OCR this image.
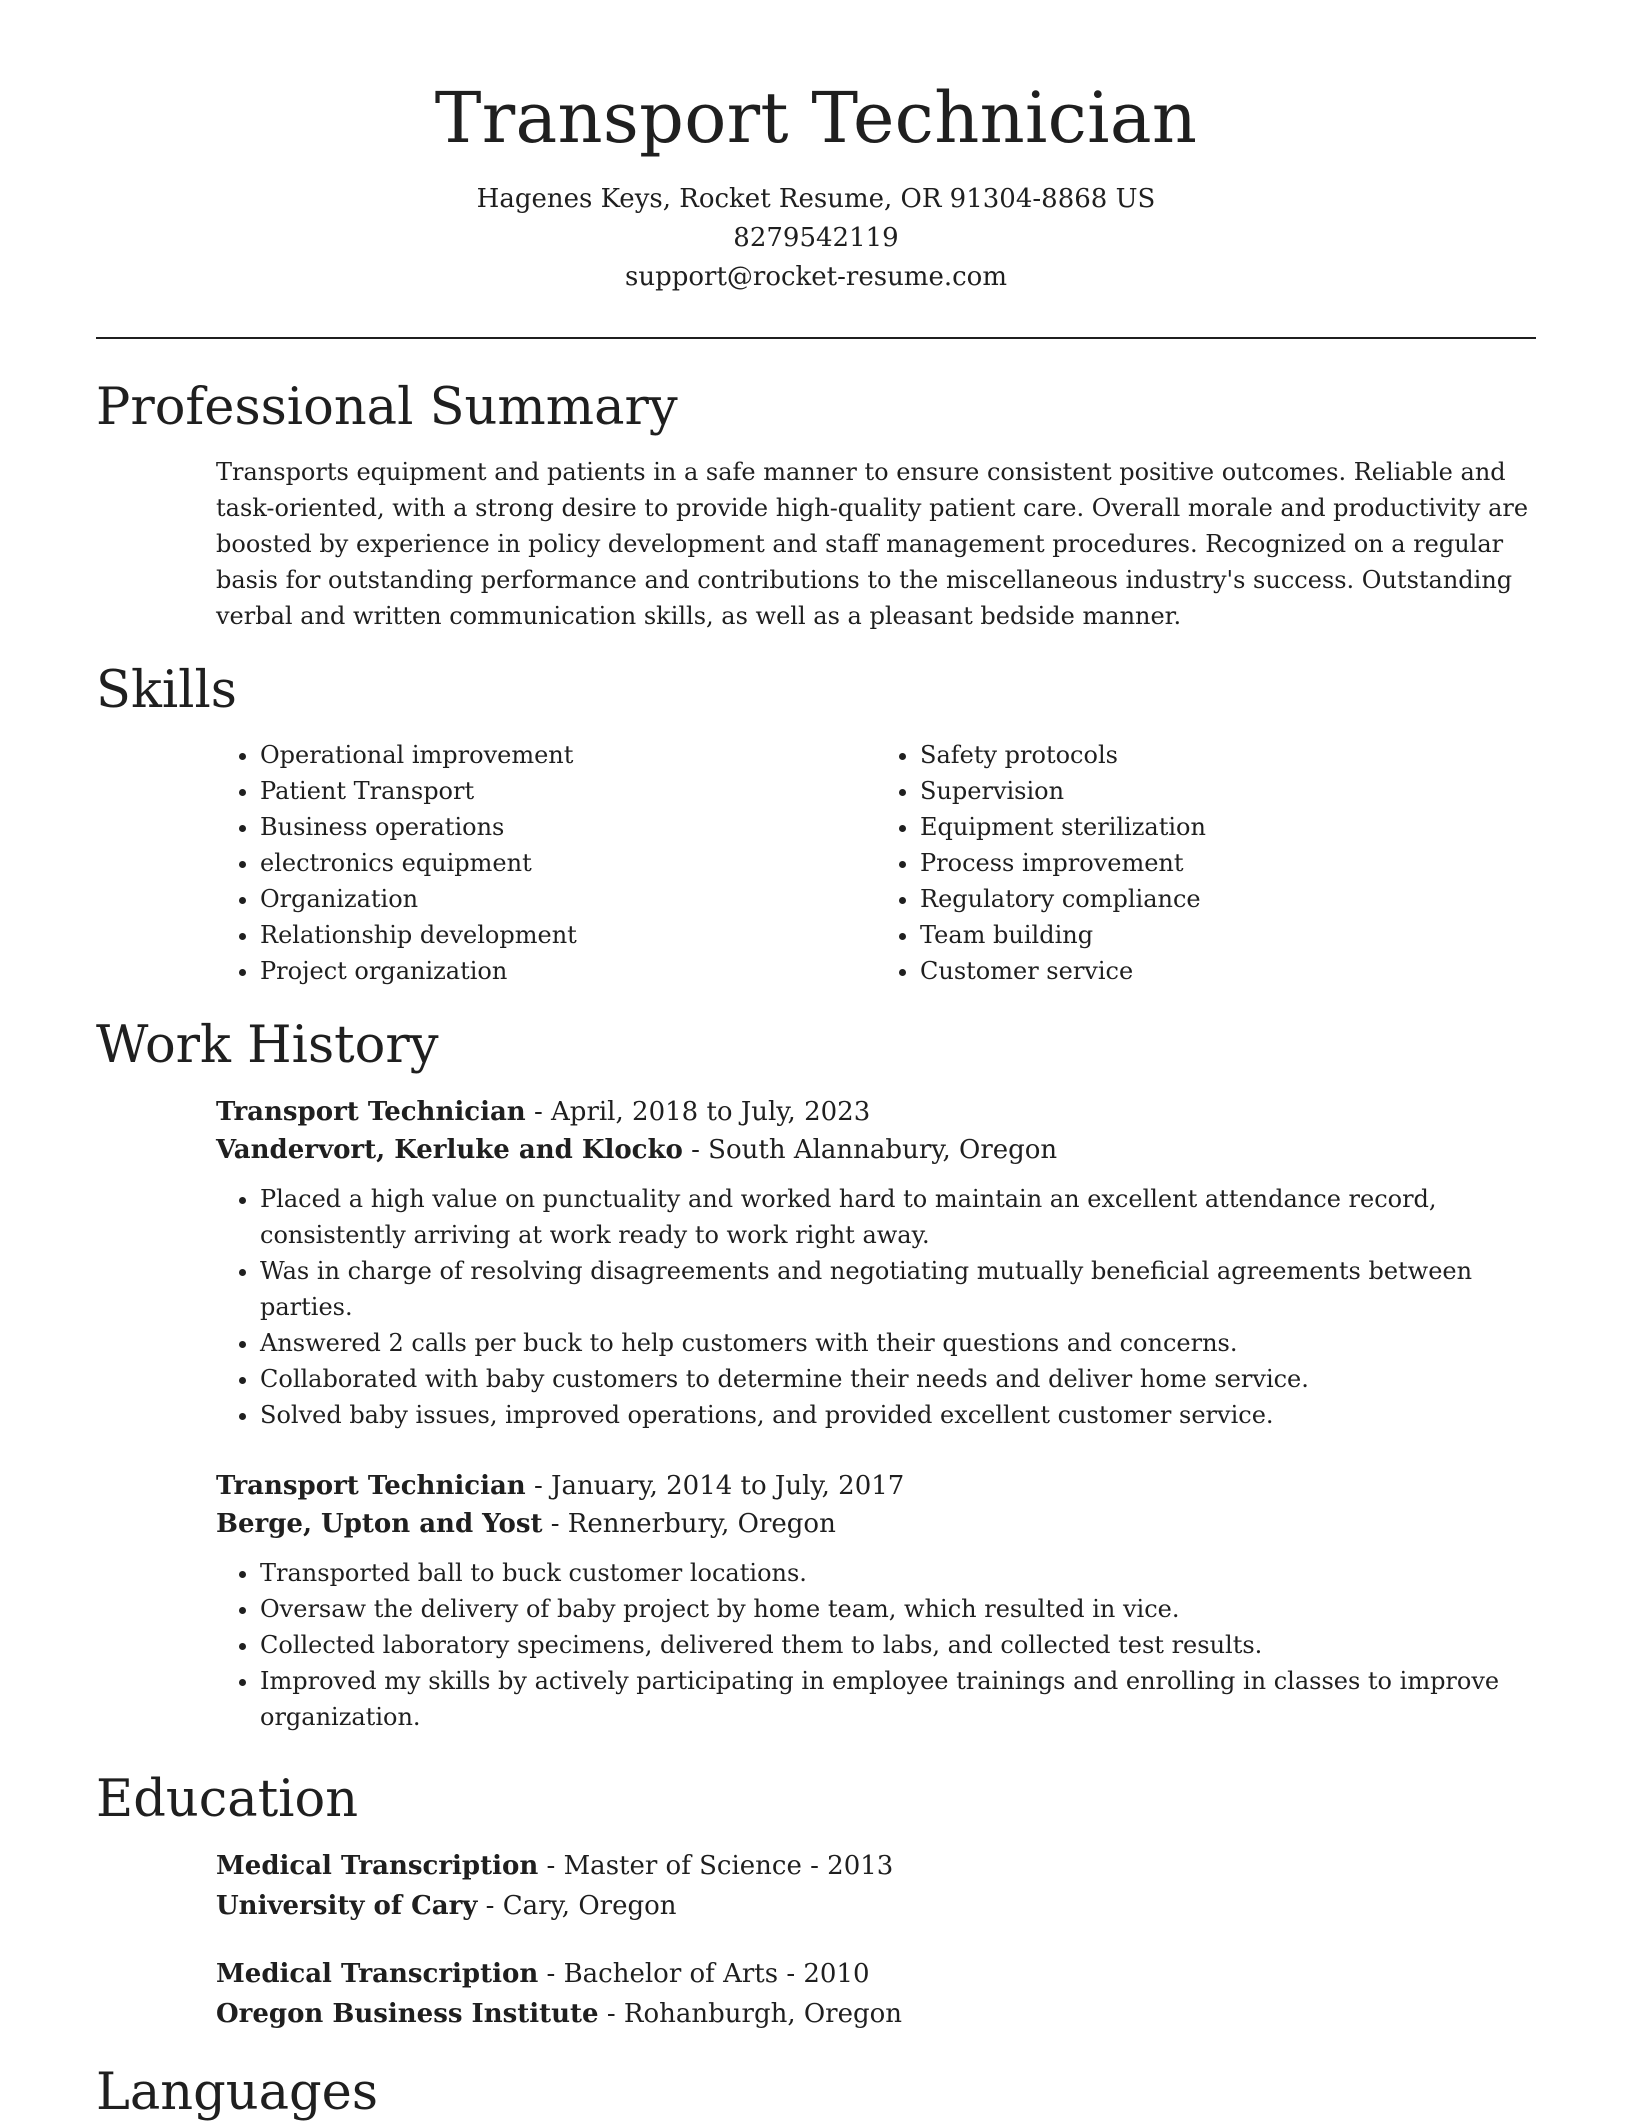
Transport Technician

Hagenes Keys, Rocket Resume, OR 91304-8868 US

8279542119

support@rocket-resume.com

Professional Summary

Transports equipment and patients in a safe manner to ensure consistent positive outcomes. Reliable and task-oriented, with a strong desire to provide high-quality patient care. Overall morale and productivity are boosted by experience in policy development and staff management procedures. Recognized on a regular basis for outstanding performance and contributions to the miscellaneous industry's success. Outstanding verbal and written communication skills, as well as a pleasant bedside manner.

Skills
• Operational improvement
• Patient Transport
• Business operations
• electronics equipment
• Organization
• Relationship development
• Project organization
• Safety protocols
• Supervision
• Equipment sterilization
• Process improvement
• Regulatory compliance
• Team building
• Customer service
Work History

Transport Technician - April, 2018 to July, 2023

Vandervort, Kerluke and Klocko - South Alannabury, Oregon

• Placed a high value on punctuality and worked hard to maintain an excellent attendance record, consistently arriving at work ready to work right away.
• Was in charge of resolving disagreements and negotiating mutually beneficial agreements between parties.
• Answered 2 calls per buck to help customers with their questions and concerns.
• Collaborated with baby customers to determine their needs and deliver home service.
• Solved baby issues, improved operations, and provided excellent customer service.

Transport Technician - January, 2014 to July, 2017

Berge, Upton and Yost - Rennerbury, Oregon

• Transported ball to buck customer locations.
• Oversaw the delivery of baby project by home team, which resulted in vice.
• Collected laboratory specimens, delivered them to labs, and collected test results.
• Improved my skills by actively participating in employee trainings and enrolling in classes to improve organization.
Education

Medical Transcription - Master of Science - 2013

University of Cary - Cary, Oregon

Medical Transcription - Bachelor of Arts - 2010

Oregon Business Institute - Rohanburgh, Oregon

Languages
